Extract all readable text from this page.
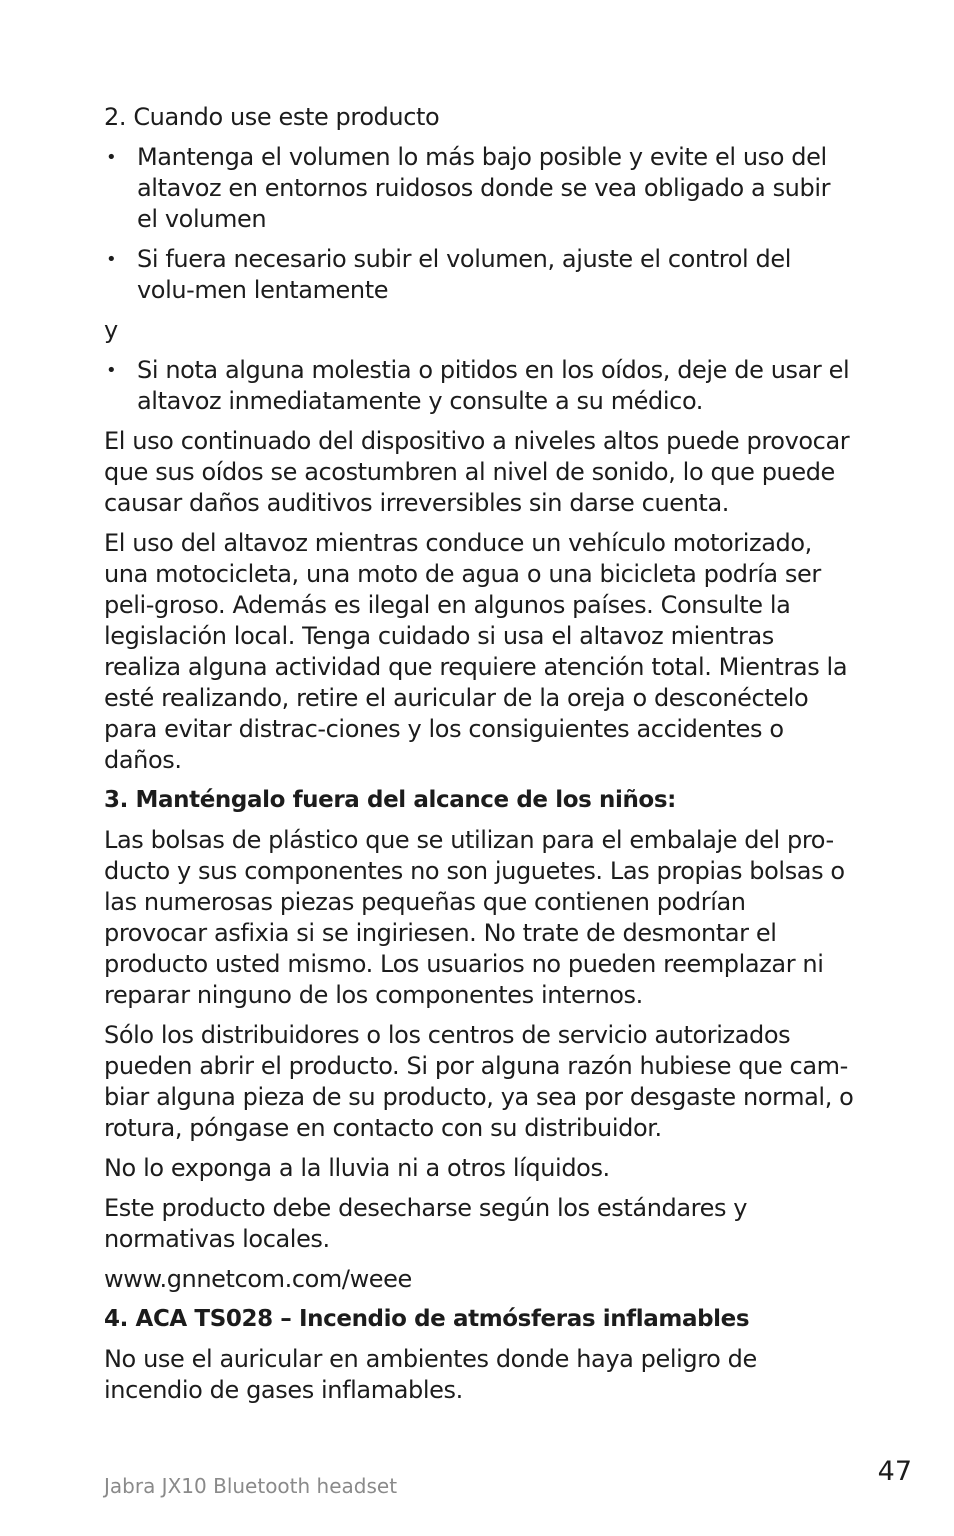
2. Cuando use este producto

• Mantenga el volumen lo más bajo posible y evite el uso del altavoz en entornos ruidosos donde se vea obligado a subir el volumen
• Si fuera necesario subir el volumen, ajuste el control del volu-men lentamente

y

• Si nota alguna molestia o pitidos en los oídos, deje de usar el altavoz inmediatamente y consulte a su médico.

El uso continuado del dispositivo a niveles altos puede provocar que sus oídos se acostumbren al nivel de sonido, lo que puede causar daños auditivos irreversibles sin darse cuenta.

El uso del altavoz mientras conduce un vehículo motorizado, una motocicleta, una moto de agua o una bicicleta podría ser peli-groso. Además es ilegal en algunos países. Consulte la legislación local. Tenga cuidado si usa el altavoz mientras realiza alguna actividad que requiere atención total. Mientras la esté realizando, retire el auricular de la oreja o desconéctelo para evitar distrac-ciones y los consiguientes accidentes o daños.

3. Manténgalo fuera del alcance de los niños:

Las bolsas de plástico que se utilizan para el embalaje del pro-ducto y sus componentes no son juguetes. Las propias bolsas o las numerosas piezas pequeñas que contienen podrían provocar asfixia si se ingiriesen. No trate de desmontar el producto usted mismo. Los usuarios no pueden reemplazar ni reparar ninguno de los componentes internos.

Sólo los distribuidores o los centros de servicio autorizados pueden abrir el producto. Si por alguna razón hubiese que cam-biar alguna pieza de su producto, ya sea por desgaste normal, o rotura, póngase en contacto con su distribuidor.

No lo exponga a la lluvia ni a otros líquidos.

Este producto debe desecharse según los estándares y normativas locales.

www.gnnetcom.com/weee

4. ACA TS028 – Incendio de atmósferas inflamables

No use el auricular en ambientes donde haya peligro de incendio de gases inflamables.

Jabra JX10 Bluetooth headset	47
